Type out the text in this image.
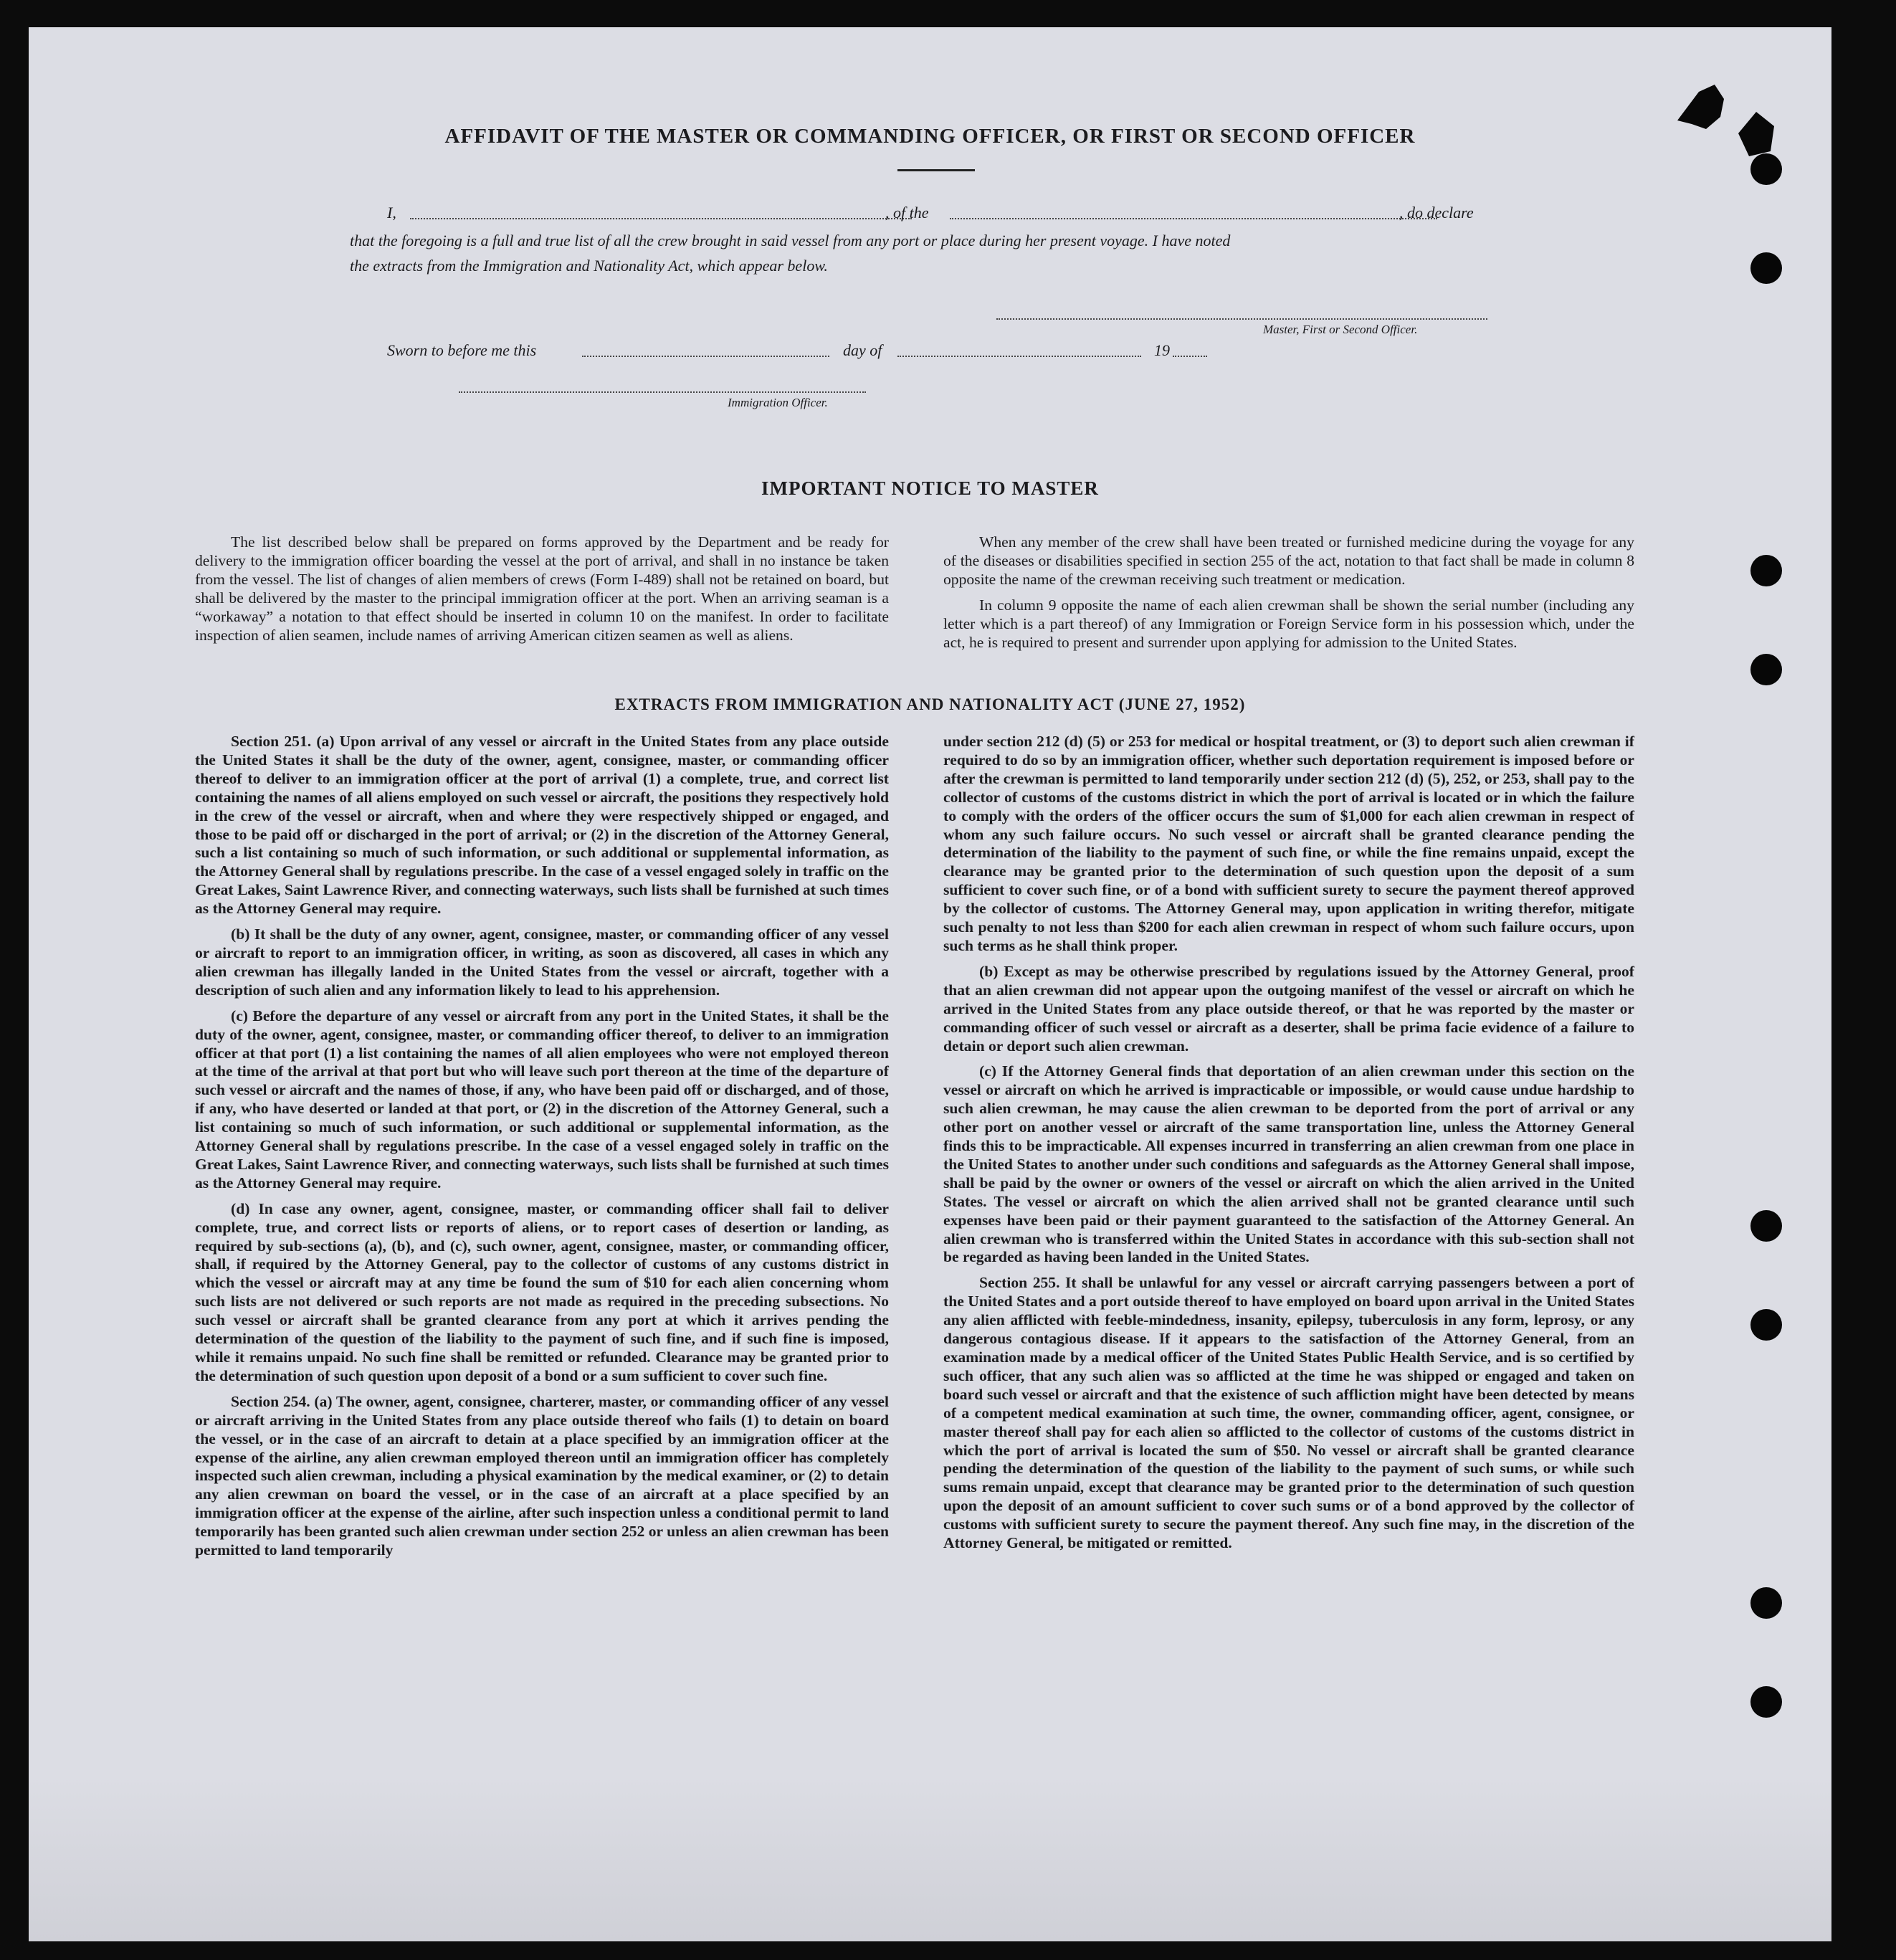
AFFIDAVIT OF THE MASTER OR COMMANDING OFFICER, OR FIRST OR SECOND OFFICER
I,	, of the	, do declare
that the foregoing is a full and true list of all the crew brought in said vessel from any port or place during her present voyage. I have noted
the extracts from the Immigration and Nationality Act, which appear below.
Master, First or Second Officer.
Sworn to before me this	day of	19
Immigration Officer.
IMPORTANT NOTICE TO MASTER

The list described below shall be prepared on forms approved by the Department and be ready for delivery to the immigration officer boarding the vessel at the port of arrival, and shall in no instance be taken from the vessel. The list of changes of alien members of crews (Form I-489) shall not be retained on board, but shall be delivered by the master to the principal immigration officer at the port. When an arriving seaman is a “workaway” a notation to that effect should be inserted in column 10 on the manifest. In order to facilitate inspection of alien seamen, include names of arriving American citizen seamen as well as aliens.

When any member of the crew shall have been treated or furnished medicine during the voyage for any of the diseases or disabilities specified in section 255 of the act, notation to that fact shall be made in column 8 opposite the name of the crewman receiving such treatment or medication.

In column 9 opposite the name of each alien crewman shall be shown the serial number (including any letter which is a part thereof) of any Immigration or Foreign Service form in his possession which, under the act, he is required to present and surrender upon applying for admission to the United States.

EXTRACTS FROM IMMIGRATION AND NATIONALITY ACT (JUNE 27, 1952)

Section 251. (a) Upon arrival of any vessel or aircraft in the United States from any place outside the United States it shall be the duty of the owner, agent, consignee, master, or commanding officer thereof to deliver to an immigration officer at the port of arrival (1) a complete, true, and correct list containing the names of all aliens employed on such vessel or aircraft, the positions they respectively hold in the crew of the vessel or aircraft, when and where they were respectively shipped or engaged, and those to be paid off or discharged in the port of arrival; or (2) in the discretion of the Attorney General, such a list containing so much of such information, or such additional or supplemental information, as the Attorney General shall by regulations prescribe. In the case of a vessel engaged solely in traffic on the Great Lakes, Saint Lawrence River, and connecting waterways, such lists shall be furnished at such times as the Attorney General may require.

(b) It shall be the duty of any owner, agent, consignee, master, or commanding officer of any vessel or aircraft to report to an immigration officer, in writing, as soon as discovered, all cases in which any alien crewman has illegally landed in the United States from the vessel or aircraft, together with a description of such alien and any information likely to lead to his apprehension.

(c) Before the departure of any vessel or aircraft from any port in the United States, it shall be the duty of the owner, agent, consignee, master, or commanding officer thereof, to deliver to an immigration officer at that port (1) a list containing the names of all alien employees who were not employed thereon at the time of the arrival at that port but who will leave such port thereon at the time of the departure of such vessel or aircraft and the names of those, if any, who have been paid off or discharged, and of those, if any, who have deserted or landed at that port, or (2) in the discretion of the Attorney General, such a list containing so much of such information, or such additional or supplemental information, as the Attorney General shall by regulations prescribe. In the case of a vessel engaged solely in traffic on the Great Lakes, Saint Lawrence River, and connecting waterways, such lists shall be furnished at such times as the Attorney General may require.

(d) In case any owner, agent, consignee, master, or commanding officer shall fail to deliver complete, true, and correct lists or reports of aliens, or to report cases of desertion or landing, as required by sub-sections (a), (b), and (c), such owner, agent, consignee, master, or commanding officer, shall, if required by the Attorney General, pay to the collector of customs of any customs district in which the vessel or aircraft may at any time be found the sum of $10 for each alien concerning whom such lists are not delivered or such reports are not made as required in the preceding subsections. No such vessel or aircraft shall be granted clearance from any port at which it arrives pending the determination of the question of the liability to the payment of such fine, and if such fine is imposed, while it remains unpaid. No such fine shall be remitted or refunded. Clearance may be granted prior to the determination of such question upon deposit of a bond or a sum sufficient to cover such fine.

Section 254. (a) The owner, agent, consignee, charterer, master, or commanding officer of any vessel or aircraft arriving in the United States from any place outside thereof who fails (1) to detain on board the vessel, or in the case of an aircraft to detain at a place specified by an immigration officer at the expense of the airline, any alien crewman employed thereon until an immigration officer has completely inspected such alien crewman, including a physical examination by the medical examiner, or (2) to detain any alien crewman on board the vessel, or in the case of an aircraft at a place specified by an immigration officer at the expense of the airline, after such inspection unless a conditional permit to land temporarily has been granted such alien crewman under section 252 or unless an alien crewman has been permitted to land temporarily

under section 212 (d) (5) or 253 for medical or hospital treatment, or (3) to deport such alien crewman if required to do so by an immigration officer, whether such deportation requirement is imposed before or after the crewman is permitted to land temporarily under section 212 (d) (5), 252, or 253, shall pay to the collector of customs of the customs district in which the port of arrival is located or in which the failure to comply with the orders of the officer occurs the sum of $1,000 for each alien crewman in respect of whom any such failure occurs. No such vessel or aircraft shall be granted clearance pending the determination of the liability to the payment of such fine, or while the fine remains unpaid, except the clearance may be granted prior to the determination of such question upon the deposit of a sum sufficient to cover such fine, or of a bond with sufficient surety to secure the payment thereof approved by the collector of customs. The Attorney General may, upon application in writing therefor, mitigate such penalty to not less than $200 for each alien crewman in respect of whom such failure occurs, upon such terms as he shall think proper.

(b) Except as may be otherwise prescribed by regulations issued by the Attorney General, proof that an alien crewman did not appear upon the outgoing manifest of the vessel or aircraft on which he arrived in the United States from any place outside thereof, or that he was reported by the master or commanding officer of such vessel or aircraft as a deserter, shall be prima facie evidence of a failure to detain or deport such alien crewman.

(c) If the Attorney General finds that deportation of an alien crewman under this section on the vessel or aircraft on which he arrived is impracticable or impossible, or would cause undue hardship to such alien crewman, he may cause the alien crewman to be deported from the port of arrival or any other port on another vessel or aircraft of the same transportation line, unless the Attorney General finds this to be impracticable. All expenses incurred in transferring an alien crewman from one place in the United States to another under such conditions and safeguards as the Attorney General shall impose, shall be paid by the owner or owners of the vessel or aircraft on which the alien arrived in the United States. The vessel or aircraft on which the alien arrived shall not be granted clearance until such expenses have been paid or their payment guaranteed to the satisfaction of the Attorney General. An alien crewman who is transferred within the United States in accordance with this sub-section shall not be regarded as having been landed in the United States.

Section 255. It shall be unlawful for any vessel or aircraft carrying passengers between a port of the United States and a port outside thereof to have employed on board upon arrival in the United States any alien afflicted with feeble-mindedness, insanity, epilepsy, tuberculosis in any form, leprosy, or any dangerous contagious disease. If it appears to the satisfaction of the Attorney General, from an examination made by a medical officer of the United States Public Health Service, and is so certified by such officer, that any such alien was so afflicted at the time he was shipped or engaged and taken on board such vessel or aircraft and that the existence of such affliction might have been detected by means of a competent medical examination at such time, the owner, commanding officer, agent, consignee, or master thereof shall pay for each alien so afflicted to the collector of customs of the customs district in which the port of arrival is located the sum of $50. No vessel or aircraft shall be granted clearance pending the determination of the question of the liability to the payment of such sums, or while such sums remain unpaid, except that clearance may be granted prior to the determination of such question upon the deposit of an amount sufficient to cover such sums or of a bond approved by the collector of customs with sufficient surety to secure the payment thereof. Any such fine may, in the discretion of the Attorney General, be mitigated or remitted.
